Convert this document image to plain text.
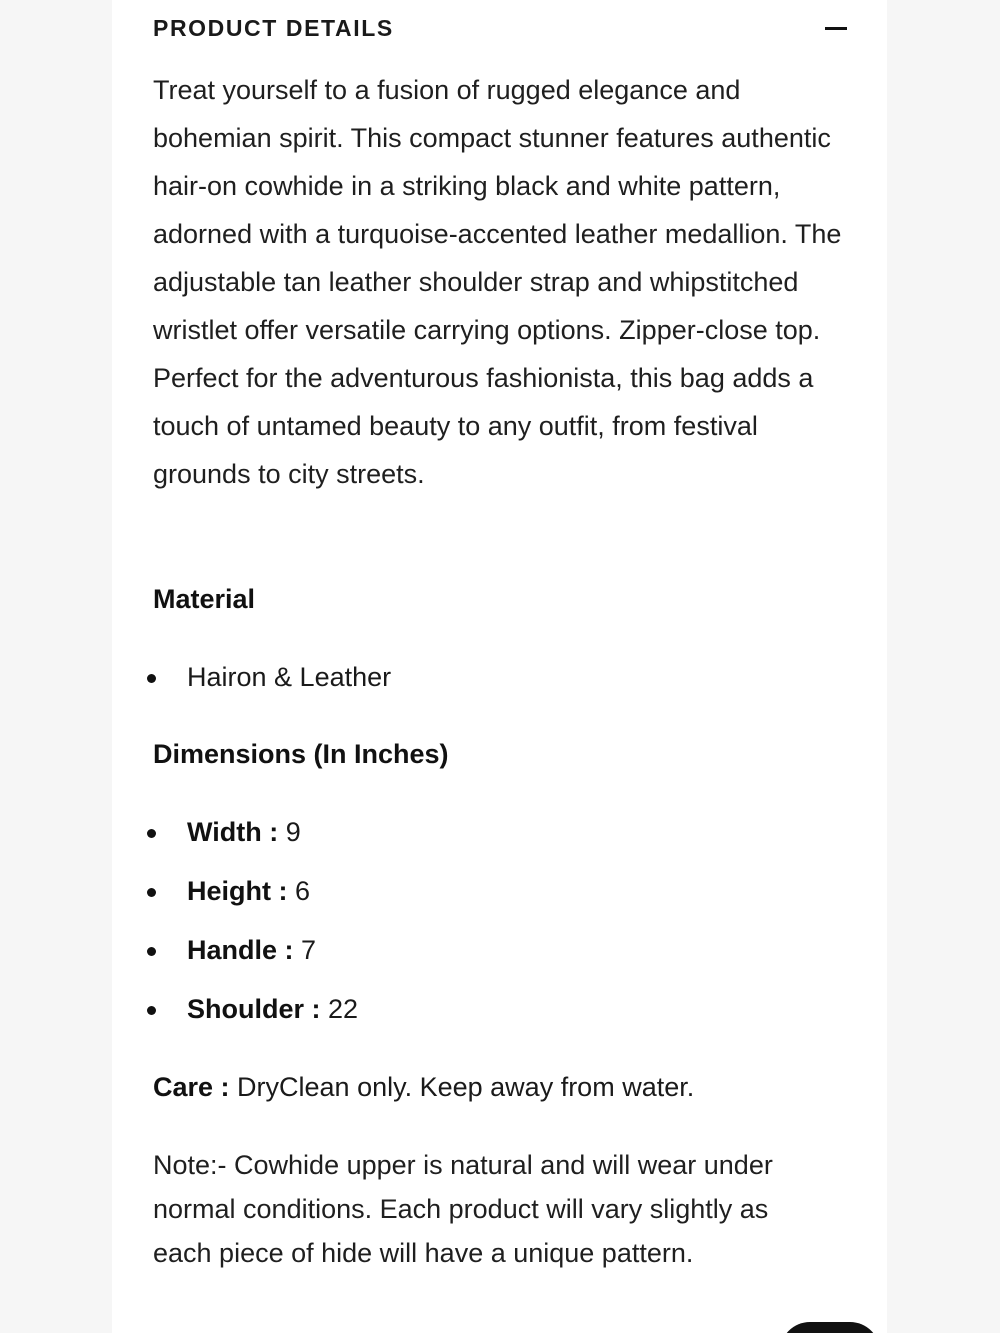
PRODUCT DETAILS

Treat yourself to a fusion of rugged elegance and bohemian spirit. This compact stunner features authentic hair-on cowhide in a striking black and white pattern, adorned with a turquoise-accented leather medallion. The adjustable tan leather shoulder strap and whipstitched wristlet offer versatile carrying options. Zipper-close top. Perfect for the adventurous fashionista, this bag adds a touch of untamed beauty to any outfit, from festival grounds to city streets.

Material
Hairon & Leather
Dimensions (In Inches)
Width : 9
Height : 6
Handle : 7
Shoulder : 22

Care : DryClean only. Keep away from water.

Note:- Cowhide upper is natural and will wear under normal conditions. Each product will vary slightly as each piece of hide will have a unique pattern.
